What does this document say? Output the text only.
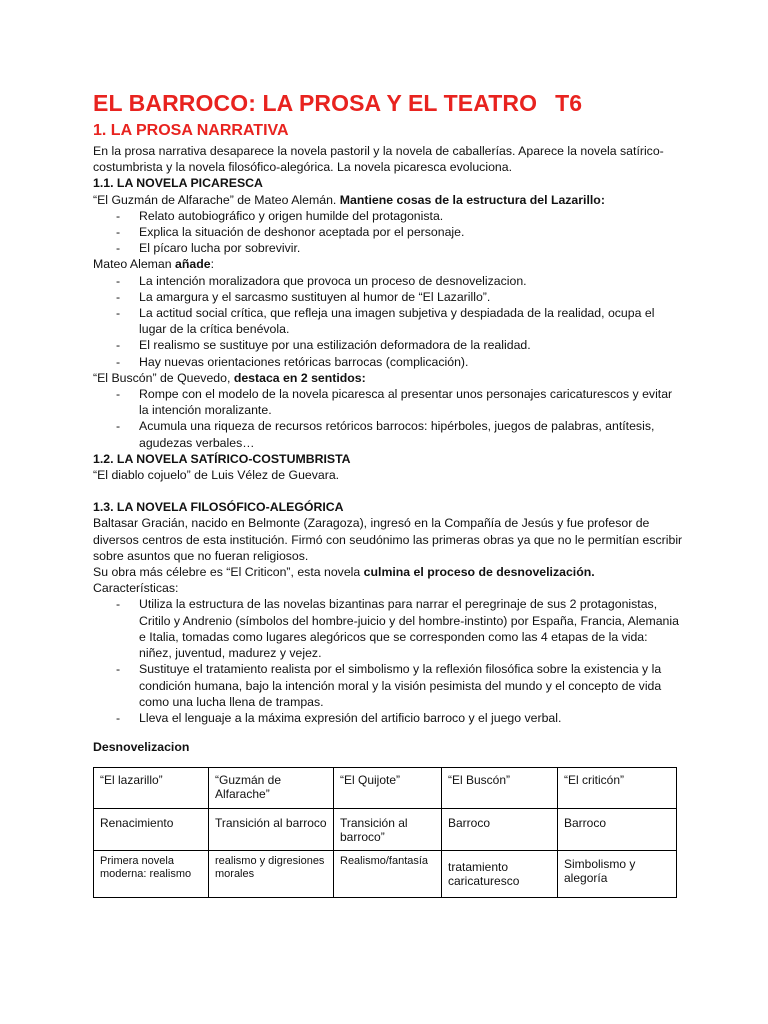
EL BARROCO: LA PROSA Y EL TEATRO T6
1. LA PROSA NARRATIVA

En la prosa narrativa desaparece la novela pastoril y la novela de caballerías. Aparece la novela satírico-costumbrista y la novela filosófico-alegórica. La novela picaresca evoluciona.

1.1. LA NOVELA PICARESCA

“El Guzmán de Alfarache” de Mateo Alemán. Mantiene cosas de la estructura del Lazarillo:

- Relato autobiográfico y origen humilde del protagonista.
- Explica la situación de deshonor aceptada por el personaje.
- El pícaro lucha por sobrevivir.

Mateo Aleman añade:

- La intención moralizadora que provoca un proceso de desnovelizacion.
- La amargura y el sarcasmo sustituyen al humor de “El Lazarillo”.
- La actitud social crítica, que refleja una imagen subjetiva y despiadada de la realidad, ocupa el lugar de la crítica benévola.
- El realismo se sustituye por una estilización deformadora de la realidad.
- Hay nuevas orientaciones retóricas barrocas (complicación).

“El Buscón” de Quevedo, destaca en 2 sentidos:

- Rompe con el modelo de la novela picaresca al presentar unos personajes caricaturescos y evitar la intención moralizante.
- Acumula una riqueza de recursos retóricos barrocos: hipérboles, juegos de palabras, antítesis, agudezas verbales…

1.2. LA NOVELA SATÍRICO-COSTUMBRISTA

“El diablo cojuelo” de Luis Vélez de Guevara.

1.3. LA NOVELA FILOSÓFICO-ALEGÓRICA

Baltasar Gracián, nacido en Belmonte (Zaragoza), ingresó en la Compañía de Jesús y fue profesor de diversos centros de esta institución. Firmó con seudónimo las primeras obras ya que no le permitían escribir sobre asuntos que no fueran religiosos.

Su obra más célebre es “El Criticon”, esta novela culmina el proceso de desnovelización.

Características:

- Utiliza la estructura de las novelas bizantinas para narrar el peregrinaje de sus 2 protagonistas, Critilo y Andrenio (símbolos del hombre-juicio y del hombre-instinto) por España, Francia, Alemania e Italia, tomadas como lugares alegóricos que se corresponden como las 4 etapas de la vida: niñez, juventud, madurez y vejez.
- Sustituye el tratamiento realista por el simbolismo y la reflexión filosófica sobre la existencia y la condición humana, bajo la intención moral y la visión pesimista del mundo y el concepto de vida como una lucha llena de trampas.
- Lleva el lenguaje a la máxima expresión del artificio barroco y el juego verbal.

Desnovelizacion

“El lazarillo”	“Guzmán de Alfarache”	“El Quijote”	“El Buscón”	“El criticón”
Renacimiento	Transición al barroco	Transición al barroco”	Barroco	Barroco
Primera novela moderna: realismo	realismo y digresiones morales	Realismo/fantasía	tratamiento caricaturesco	Simbolismo y alegoría
